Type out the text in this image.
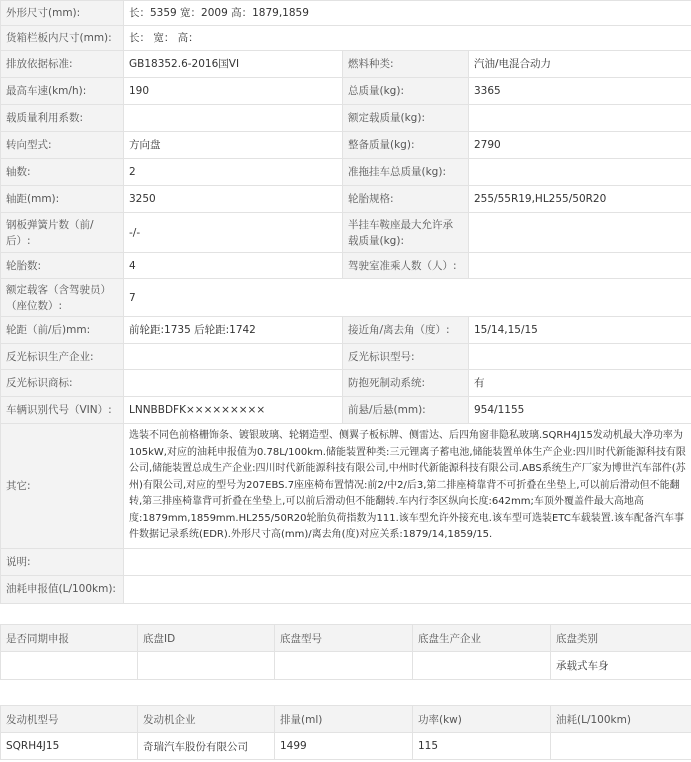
外形尺寸(mm):	长：5359 宽：2009 高：1879,1859		
货箱栏板内尺寸(mm):	长： 宽： 高：		
排放依据标准:	GB18352.6-2016国VI	燃料种类:	汽油/电混合动力
最高车速(km/h):	190	总质量(kg):	3365
载质量利用系数:		额定载质量(kg):	
转向型式:	方向盘	整备质量(kg):	2790
轴数:	2	准拖挂车总质量(kg):	
轴距(mm):	3250	轮胎规格:	255/55R19,HL255/50R20
钢板弹簧片数（前/后）:	-/-	半挂车鞍座最大允许承载质量(kg):	
轮胎数:	4	驾驶室准乘人数（人）:	
额定载客（含驾驶员）（座位数）:	7		
轮距（前/后)mm:	前轮距:1735 后轮距:1742	接近角/离去角（度）:	15/14,15/15
反光标识生产企业:		反光标识型号:	
反光标识商标:		防抱死制动系统:	有
车辆识别代号（VIN）:	LNNBBDFK×××××××××	前悬/后悬(mm):	954/1155
其它:	选装不同色前格栅饰条、镀银玻璃、轮辋造型、侧翼子板标牌、侧雷达、后四角窗非隐私玻璃.SQRH4J15发动机最大净功率为105kW,对应的油耗申报值为0.78L/100km.储能装置种类:三元锂离子蓄电池,储能装置单体生产企业:四川时代新能源科技有限公司,储能装置总成生产企业:四川时代新能源科技有限公司,中州时代新能源科技有限公司.ABS系统生产厂家为博世汽车部件(苏州)有限公司,对应的型号为207EBS.7座座椅布置情况:前2/中2/后3,第二排座椅靠背不可折叠在坐垫上,可以前后滑动但不能翻转,第三排座椅靠背可折叠在坐垫上,可以前后滑动但不能翻转.车内行李区纵向长度:642mm;车顶外覆盖件最大高地高度:1879mm,1859mm.HL255/50R20轮胎负荷指数为111.该车型允许外接充电.该车型可选装ETC车载装置.该车配备汽车事件数据记录系统(EDR).外形尺寸高(mm)/离去角(度)对应关系:1879/14,1859/15.		
说明:			
油耗申报值(L/100km):			
是否同期申报	底盘ID	底盘型号	底盘生产企业	底盘类别
				承载式车身
发动机型号	发动机企业	排量(ml)	功率(kw)	油耗(L/100km)
SQRH4J15	奇瑞汽车股份有限公司	1499	115	
